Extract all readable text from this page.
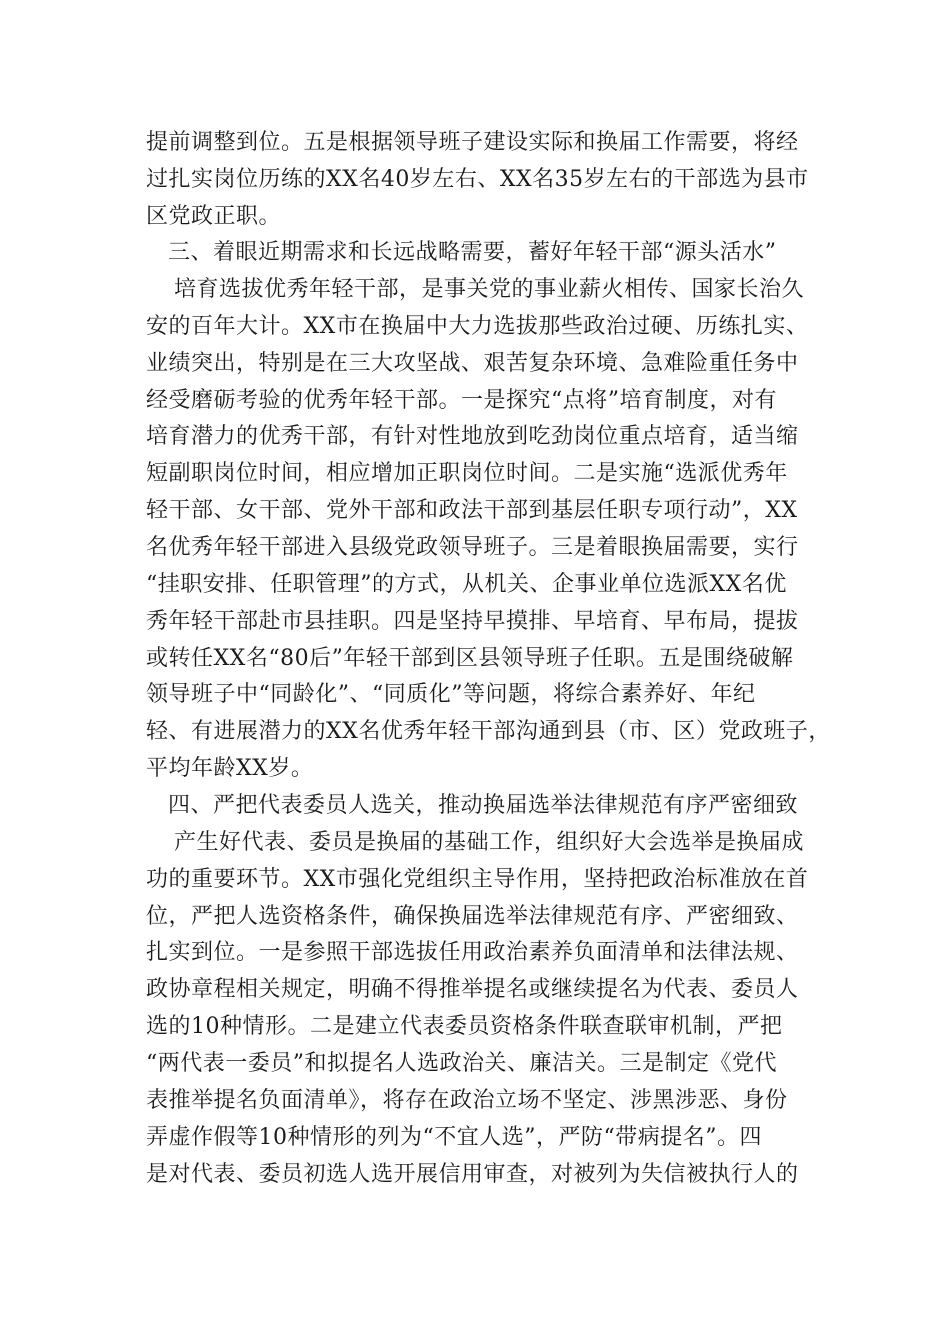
提前调整到位。五是根据领导班子建设实际和换届工作需要，将经
过扎实岗位历练的XX名40岁左右、XX名35岁左右的干部选为县市
区党政正职。
三、着眼近期需求和长远战略需要，蓄好年轻干部“源头活水”
培育选拔优秀年轻干部，是事关党的事业薪火相传、国家长治久
安的百年大计。XX市在换届中大力选拔那些政治过硬、历练扎实、
业绩突出，特别是在三大攻坚战、艰苦复杂环境、急难险重任务中
经受磨砺考验的优秀年轻干部。一是探究“点将”培育制度，对有
培育潜力的优秀干部，有针对性地放到吃劲岗位重点培育，适当缩
短副职岗位时间，相应增加正职岗位时间。二是实施“选派优秀年
轻干部、女干部、党外干部和政法干部到基层任职专项行动”，XX
名优秀年轻干部进入县级党政领导班子。三是着眼换届需要，实行
“挂职安排、任职管理”的方式，从机关、企事业单位选派XX名优
秀年轻干部赴市县挂职。四是坚持早摸排、早培育、早布局，提拔
或转任XX名“80后”年轻干部到区县领导班子任职。五是围绕破解
领导班子中“同龄化”、“同质化”等问题，将综合素养好、年纪
轻、有进展潜力的XX名优秀年轻干部沟通到县（市、区）党政班子，
平均年龄XX岁。
四、严把代表委员人选关，推动换届选举法律规范有序严密细致
产生好代表、委员是换届的基础工作，组织好大会选举是换届成
功的重要环节。XX市强化党组织主导作用，坚持把政治标准放在首
位，严把人选资格条件，确保换届选举法律规范有序、严密细致、
扎实到位。一是参照干部选拔任用政治素养负面清单和法律法规、
政协章程相关规定，明确不得推举提名或继续提名为代表、委员人
选的10种情形。二是建立代表委员资格条件联查联审机制，严把
“两代表一委员”和拟提名人选政治关、廉洁关。三是制定《党代
表推举提名负面清单》，将存在政治立场不坚定、涉黑涉恶、身份
弄虚作假等10种情形的列为“不宜人选”，严防“带病提名”。四
是对代表、委员初选人选开展信用审查，对被列为失信被执行人的
